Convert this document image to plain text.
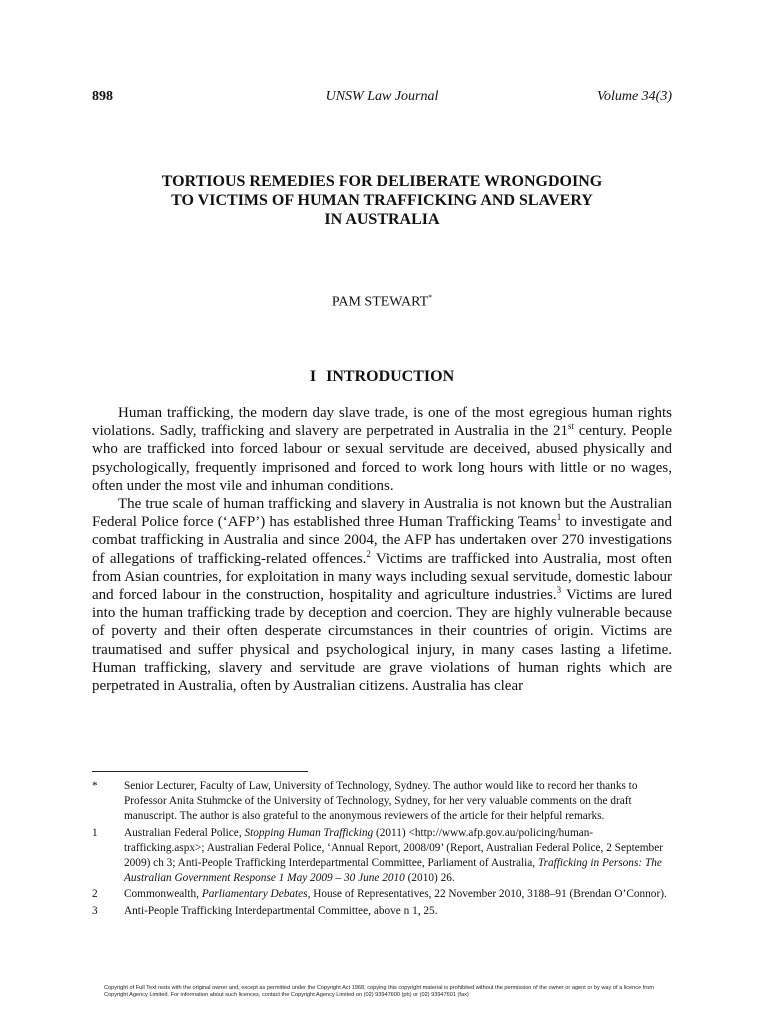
898	UNSW Law Journal	Volume 34(3)
TORTIOUS REMEDIES FOR DELIBERATE WRONGDOING
TO VICTIMS OF HUMAN TRAFFICKING AND SLAVERY
IN AUSTRALIA
PAM STEWART*
I INTRODUCTION

Human trafficking, the modern day slave trade, is one of the most egregious human rights violations. Sadly, trafficking and slavery are perpetrated in Australia in the 21st century. People who are trafficked into forced labour or sexual servitude are deceived, abused physically and psychologically, frequently imprisoned and forced to work long hours with little or no wages, often under the most vile and inhuman conditions.

The true scale of human trafficking and slavery in Australia is not known but the Australian Federal Police force (‘AFP’) has established three Human Trafficking Teams$^1$ to investigate and combat trafficking in Australia and since 2004, the AFP has undertaken over 270 investigations of allegations of trafficking-related offences.$^2$ Victims are trafficked into Australia, most often from Asian countries, for exploitation in many ways including sexual servitude, domestic labour and forced labour in the construction, hospitality and agriculture industries.$^3$ Victims are lured into the human trafficking trade by deception and coercion. They are highly vulnerable because of poverty and their often desperate circumstances in their countries of origin. Victims are traumatised and suffer physical and psychological injury, in many cases lasting a lifetime. Human trafficking, slavery and servitude are grave violations of human rights which are perpetrated in Australia, often by Australian citizens. Australia has clear

* Senior Lecturer, Faculty of Law, University of Technology, Sydney. The author would like to record her thanks to Professor Anita Stuhmcke of the University of Technology, Sydney, for her very valuable comments on the draft manuscript. The author is also grateful to the anonymous reviewers of the article for their helpful remarks.
1 Australian Federal Police, Stopping Human Trafficking (2011) <http://www.afp.gov.au/policing/human-trafficking.aspx>; Australian Federal Police, ‘Annual Report, 2008/09’ (Report, Australian Federal Police, 2 September 2009) ch 3; Anti-People Trafficking Interdepartmental Committee, Parliament of Australia, Trafficking in Persons: The Australian Government Response 1 May 2009 – 30 June 2010 (2010) 26.
2 Commonwealth, Parliamentary Debates, House of Representatives, 22 November 2010, 3188–91 (Brendan O’Connor).
3 Anti-People Trafficking Interdepartmental Committee, above n 1, 25.
Copyright of Full Text rests with the original owner and, except as permitted under the Copyright Act 1968, copying this copyright material is prohibited without the permission of the owner or agent or by way of a licence from Copyright Agency Limited. For information about such licences, contact the Copyright Agency Limited on (02) 93947600 (ph) or (02) 93947601 (fax)
